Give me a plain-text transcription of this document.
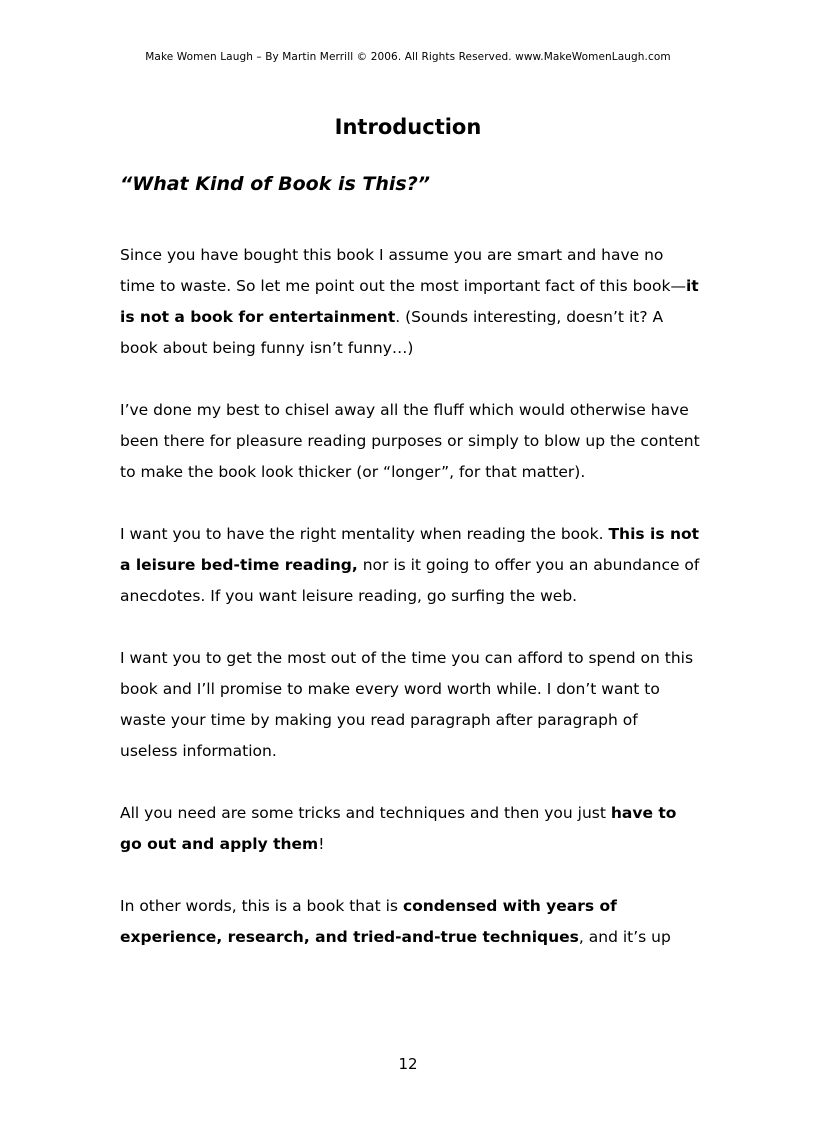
Make Women Laugh – By Martin Merrill © 2006. All Rights Reserved. www.MakeWomenLaugh.com
Introduction
“What Kind of Book is This?”

Since you have bought this book I assume you are smart and have no time to waste. So let me point out the most important fact of this book—it is not a book for entertainment. (Sounds interesting, doesn’t it? A book about being funny isn’t funny…)

I’ve done my best to chisel away all the fluff which would otherwise have been there for pleasure reading purposes or simply to blow up the content to make the book look thicker (or “longer”, for that matter).

I want you to have the right mentality when reading the book. This is not a leisure bed-time reading, nor is it going to offer you an abundance of anecdotes. If you want leisure reading, go surfing the web.

I want you to get the most out of the time you can afford to spend on this book and I’ll promise to make every word worth while. I don’t want to waste your time by making you read paragraph after paragraph of useless information.

All you need are some tricks and techniques and then you just have to go out and apply them!

In other words, this is a book that is condensed with years of experience, research, and tried-and-true techniques, and it’s up

12
